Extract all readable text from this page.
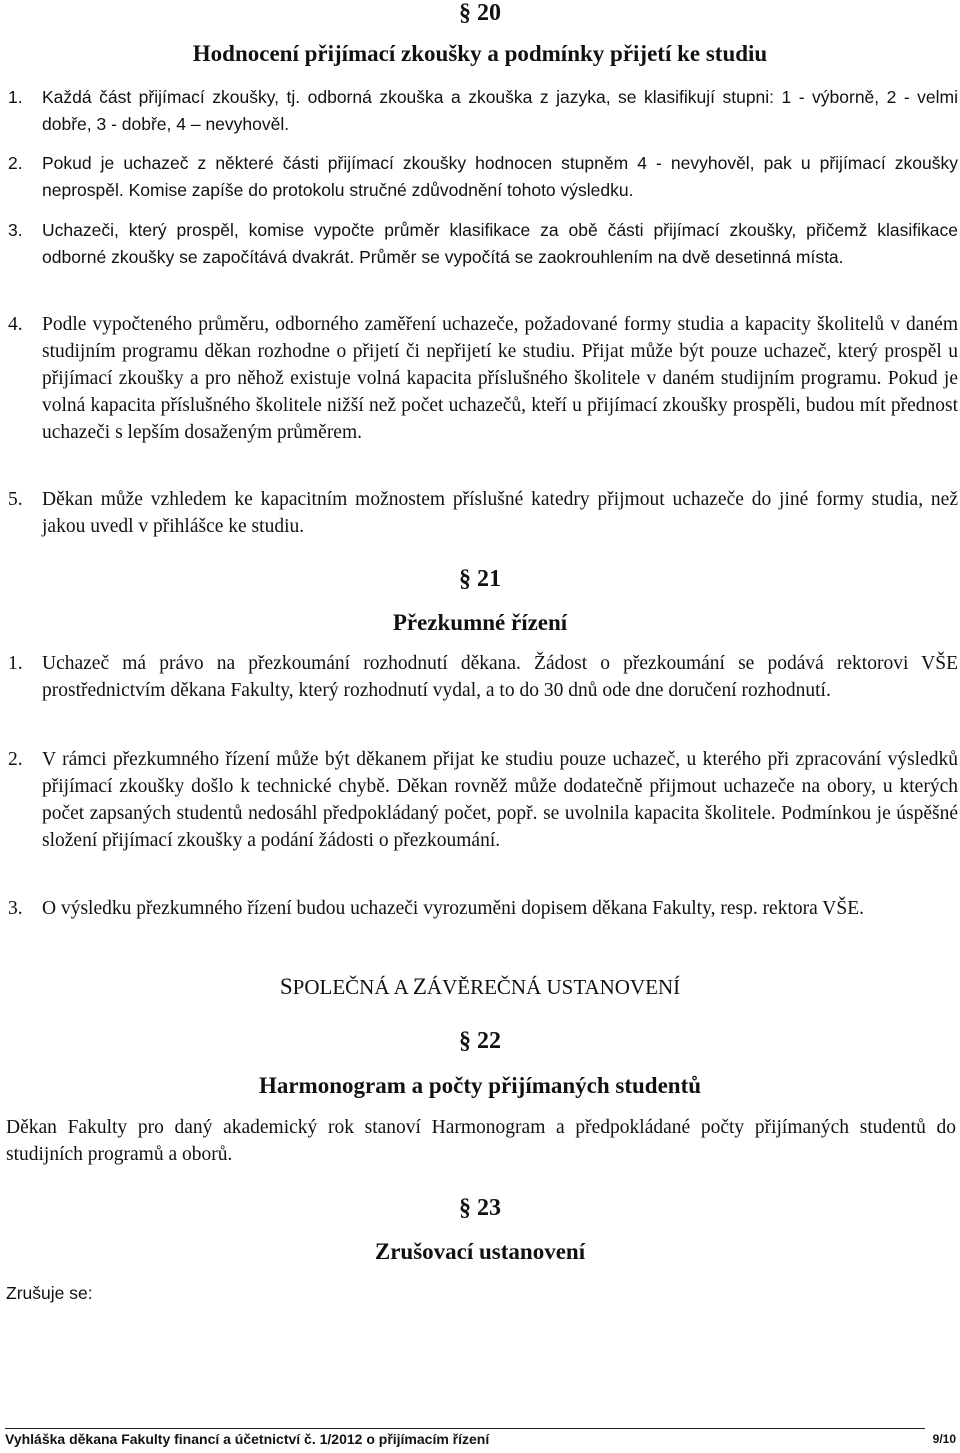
§ 20
Hodnocení přijímací zkoušky a podmínky přijetí ke studiu
1. Každá část přijímací zkoušky, tj. odborná zkouška a zkouška z jazyka, se klasifikují stupni: 1 - výborně, 2 - velmi dobře, 3 - dobře, 4 – nevyhověl.
2. Pokud je uchazeč z některé části přijímací zkoušky hodnocen stupněm 4 - nevyhověl, pak u přijímací zkoušky neprospěl. Komise zapíše do protokolu stručné zdůvodnění tohoto výsledku.
3. Uchazeči, který prospěl, komise vypočte průměr klasifikace za obě části přijímací zkoušky, přičemž klasifikace odborné zkoušky se započítává dvakrát. Průměr se vypočítá se zaokrouhlením na dvě desetinná místa.
4. Podle vypočteného průměru, odborného zaměření uchazeče, požadované formy studia a kapacity školitelů v daném studijním programu děkan rozhodne o přijetí či nepřijetí ke studiu. Přijat může být pouze uchazeč, který prospěl u přijímací zkoušky a pro něhož existuje volná kapacita příslušného školitele v daném studijním programu. Pokud je volná kapacita příslušného školitele nižší než počet uchazečů, kteří u přijímací zkoušky prospěli, budou mít přednost uchazeči s lepším dosaženým průměrem.
5. Děkan může vzhledem ke kapacitním možnostem příslušné katedry přijmout uchazeče do jiné formy studia, než jakou uvedl v přihlášce ke studiu.
§ 21
Přezkumné řízení
1. Uchazeč má právo na přezkoumání rozhodnutí děkana. Žádost o přezkoumání se podává rektorovi VŠE prostřednictvím děkana Fakulty, který rozhodnutí vydal, a to do 30 dnů ode dne doručení rozhodnutí.
2. V rámci přezkumného řízení může být děkanem přijat ke studiu pouze uchazeč, u kterého při zpracování výsledků přijímací zkoušky došlo k technické chybě. Děkan rovněž může dodatečně přijmout uchazeče na obory, u kterých počet zapsaných studentů nedosáhl předpokládaný počet, popř. se uvolnila kapacita školitele. Podmínkou je úspěšné složení přijímací zkoušky a podání žádosti o přezkoumání.
3. O výsledku přezkumného řízení budou uchazeči vyrozuměni dopisem děkana Fakulty, resp. rektora VŠE.
SPOLEČNÁ A ZÁVĚREČNÁ USTANOVENÍ
§ 22
Harmonogram a počty přijímaných studentů
Děkan Fakulty pro daný akademický rok stanoví Harmonogram a předpokládané počty přijímaných studentů do studijních programů a oborů.
§ 23
Zrušovací ustanovení
Zrušuje se:
Vyhláška děkana Fakulty financí a účetnictví č. 1/2012 o přijímacím řízení	9/10
